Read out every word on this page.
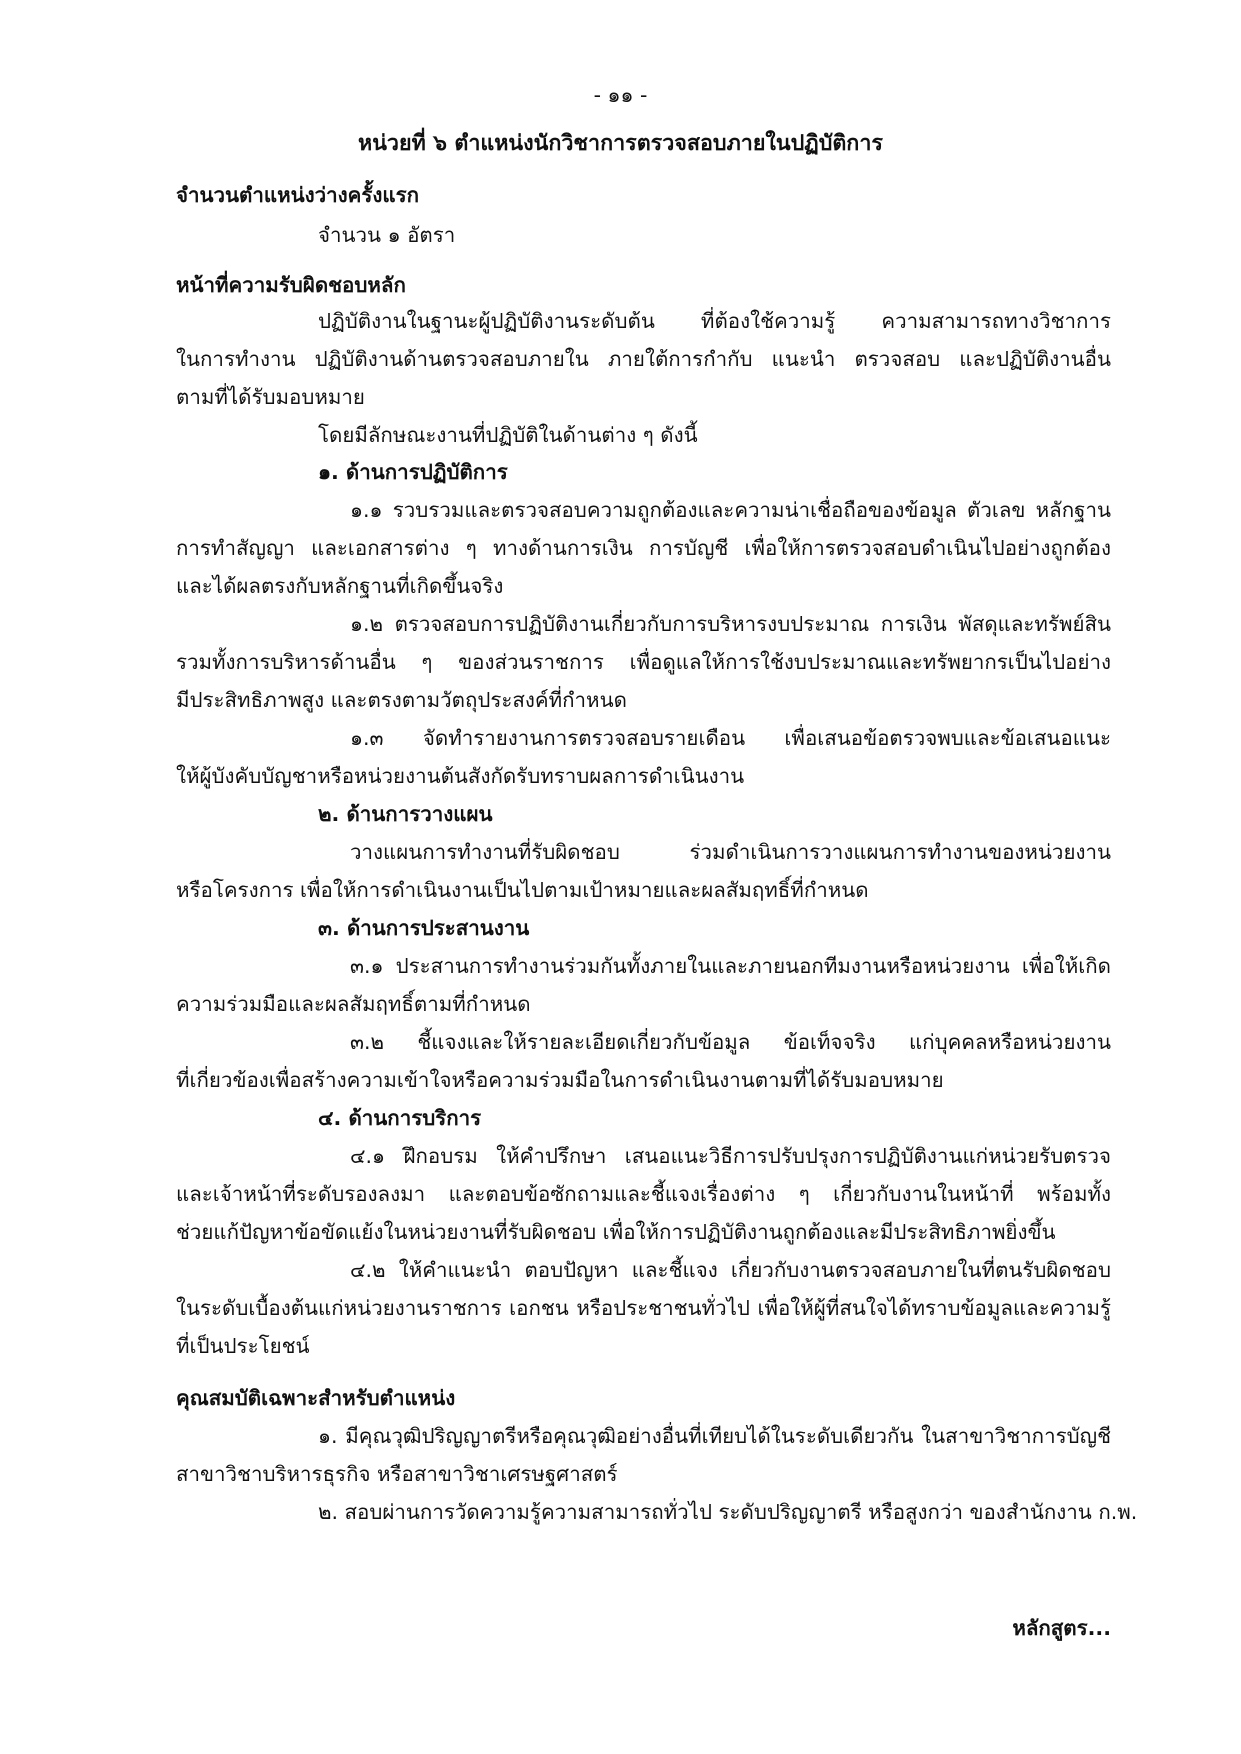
- ๑๑ -
หน่วยที่ ๖ ตำแหน่งนักวิชาการตรวจสอบภายในปฏิบัติการ
จำนวนตำแหน่งว่างครั้งแรก
จำนวน ๑ อัตรา
หน้าที่ความรับผิดชอบหลัก
ปฏิบัติงานในฐานะผู้ปฏิบัติงานระดับต้น ที่ต้องใช้ความรู้ ความสามารถทางวิชาการ
ในการทำงาน ปฏิบัติงานด้านตรวจสอบภายใน ภายใต้การกำกับ แนะนำ ตรวจสอบ และปฏิบัติงานอื่น
ตามที่ได้รับมอบหมาย
โดยมีลักษณะงานที่ปฏิบัติในด้านต่าง ๆ ดังนี้
๑. ด้านการปฏิบัติการ
๑.๑ รวบรวมและตรวจสอบความถูกต้องและความน่าเชื่อถือของข้อมูล ตัวเลข หลักฐาน
การทำสัญญา และเอกสารต่าง ๆ ทางด้านการเงิน การบัญชี เพื่อให้การตรวจสอบดำเนินไปอย่างถูกต้อง
และได้ผลตรงกับหลักฐานที่เกิดขึ้นจริง
๑.๒ ตรวจสอบการปฏิบัติงานเกี่ยวกับการบริหารงบประมาณ การเงิน พัสดุและทรัพย์สิน
รวมทั้งการบริหารด้านอื่น ๆ ของส่วนราชการ เพื่อดูแลให้การใช้งบประมาณและทรัพยากรเป็นไปอย่าง
มีประสิทธิภาพสูง และตรงตามวัตถุประสงค์ที่กำหนด
๑.๓ จัดทำรายงานการตรวจสอบรายเดือน เพื่อเสนอข้อตรวจพบและข้อเสนอแนะ
ให้ผู้บังคับบัญชาหรือหน่วยงานต้นสังกัดรับทราบผลการดำเนินงาน
๒. ด้านการวางแผน
วางแผนการทำงานที่รับผิดชอบ ร่วมดำเนินการวางแผนการทำงานของหน่วยงาน
หรือโครงการ เพื่อให้การดำเนินงานเป็นไปตามเป้าหมายและผลสัมฤทธิ์ที่กำหนด
๓. ด้านการประสานงาน
๓.๑ ประสานการทำงานร่วมกันทั้งภายในและภายนอกทีมงานหรือหน่วยงาน เพื่อให้เกิด
ความร่วมมือและผลสัมฤทธิ์ตามที่กำหนด
๓.๒ ชี้แจงและให้รายละเอียดเกี่ยวกับข้อมูล ข้อเท็จจริง แก่บุคคลหรือหน่วยงาน
ที่เกี่ยวข้องเพื่อสร้างความเข้าใจหรือความร่วมมือในการดำเนินงานตามที่ได้รับมอบหมาย
๔. ด้านการบริการ
๔.๑ ฝึกอบรม ให้คำปรึกษา เสนอแนะวิธีการปรับปรุงการปฏิบัติงานแก่หน่วยรับตรวจ
และเจ้าหน้าที่ระดับรองลงมา และตอบข้อซักถามและชี้แจงเรื่องต่าง ๆ เกี่ยวกับงานในหน้าที่ พร้อมทั้ง
ช่วยแก้ปัญหาข้อขัดแย้งในหน่วยงานที่รับผิดชอบ เพื่อให้การปฏิบัติงานถูกต้องและมีประสิทธิภาพยิ่งขึ้น
๔.๒ ให้คำแนะนำ ตอบปัญหา และชี้แจง เกี่ยวกับงานตรวจสอบภายในที่ตนรับผิดชอบ
ในระดับเบื้องต้นแก่หน่วยงานราชการ เอกชน หรือประชาชนทั่วไป เพื่อให้ผู้ที่สนใจได้ทราบข้อมูลและความรู้
ที่เป็นประโยชน์
คุณสมบัติเฉพาะสำหรับตำแหน่ง
๑. มีคุณวุฒิปริญญาตรีหรือคุณวุฒิอย่างอื่นที่เทียบได้ในระดับเดียวกัน ในสาขาวิชาการบัญชี
สาขาวิชาบริหารธุรกิจ หรือสาขาวิชาเศรษฐศาสตร์
๒. สอบผ่านการวัดความรู้ความสามารถทั่วไป ระดับปริญญาตรี หรือสูงกว่า ของสำนักงาน ก.พ.
หลักสูตร...
